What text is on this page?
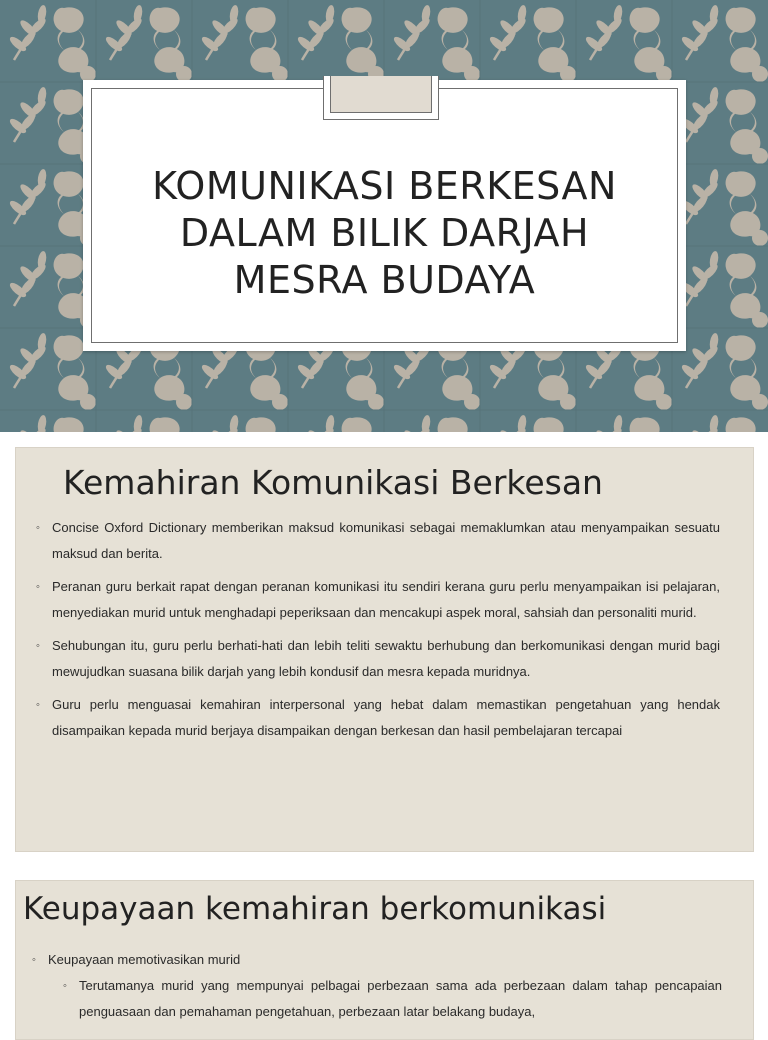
KOMUNIKASI BERKESAN
DALAM BILIK DARJAH
MESRA BUDAYA
Kemahiran Komunikasi Berkesan
◦ Concise Oxford Dictionary memberikan maksud komunikasi sebagai memaklumkan atau menyampaikan sesuatu maksud dan berita.
◦ Peranan guru berkait rapat dengan peranan komunikasi itu sendiri kerana guru perlu menyampaikan isi pelajaran, menyediakan murid untuk menghadapi peperiksaan dan mencakupi aspek moral, sahsiah dan personaliti murid.
◦ Sehubungan itu, guru perlu berhati-hati dan lebih teliti sewaktu berhubung dan berkomunikasi dengan murid bagi mewujudkan suasana bilik darjah yang lebih kondusif dan mesra kepada muridnya.
◦ Guru perlu menguasai kemahiran interpersonal yang hebat dalam memastikan pengetahuan yang hendak disampaikan kepada murid berjaya disampaikan dengan berkesan dan hasil pembelajaran tercapai
Keupayaan kemahiran berkomunikasi
◦ Keupayaan memotivasikan murid
◦ Terutamanya murid yang mempunyai pelbagai perbezaan sama ada perbezaan dalam tahap pencapaian penguasaan dan pemahaman pengetahuan, perbezaan latar belakang budaya,
